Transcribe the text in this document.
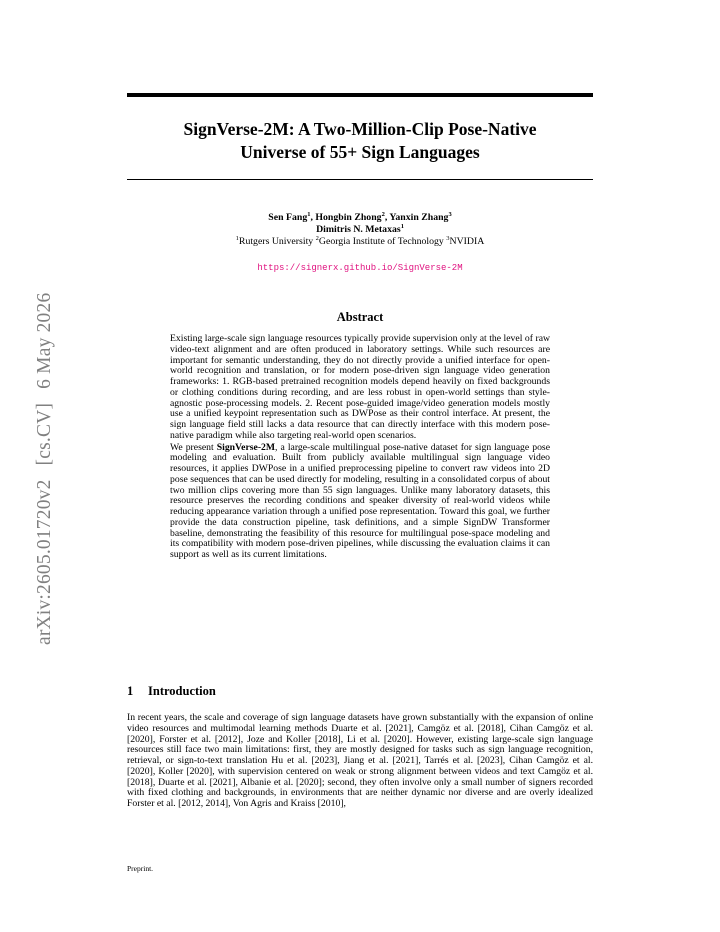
arXiv:2605.01720v2[cs.CV]6 May 2026
SignVerse-2M: A Two-Million-Clip Pose-Native
Universe of 55+ Sign Languages
Sen Fang$^1$, Hongbin Zhong$^2$, Yanxin Zhang$^3$
Dimitris N. Metaxas$^1$
$^1$Rutgers University $^2$Georgia Institute of Technology $^3$NVIDIA
https://signerx.github.io/SignVerse-2M
Abstract

Existing large-scale sign language resources typically provide supervision only at the level of raw video-text alignment and are often produced in laboratory settings. While such resources are important for semantic understanding, they do not directly provide a unified interface for open-world recognition and translation, or for modern pose-driven sign language video generation frameworks: 1. RGB-based pretrained recognition models depend heavily on fixed backgrounds or clothing conditions during recording, and are less robust in open-world settings than style-agnostic pose-processing models. 2. Recent pose-guided image/video generation models mostly use a unified keypoint representation such as DWPose as their control interface. At present, the sign language field still lacks a data resource that can directly interface with this modern pose-native paradigm while also targeting real-world open scenarios.

We present SignVerse-2M, a large-scale multilingual pose-native dataset for sign language pose modeling and evaluation. Built from publicly available multilingual sign language video resources, it applies DWPose in a unified preprocessing pipeline to convert raw videos into 2D pose sequences that can be used directly for modeling, resulting in a consolidated corpus of about two million clips covering more than 55 sign languages. Unlike many laboratory datasets, this resource preserves the recording conditions and speaker diversity of real-world videos while reducing appearance variation through a unified pose representation. Toward this goal, we further provide the data construction pipeline, task definitions, and a simple SignDW Transformer baseline, demonstrating the feasibility of this resource for multilingual pose-space modeling and its compatibility with modern pose-driven pipelines, while discussing the evaluation claims it can support as well as its current limitations.

1 Introduction

In recent years, the scale and coverage of sign language datasets have grown substantially with the expansion of online video resources and multimodal learning methods Duarte et al. [2021], Camgöz et al. [2018], Cihan Camgöz et al. [2020], Forster et al. [2012], Joze and Koller [2018], Li et al. [2020]. However, existing large-scale sign language resources still face two main limitations: first, they are mostly designed for tasks such as sign language recognition, retrieval, or sign-to-text translation Hu et al. [2023], Jiang et al. [2021], Tarrés et al. [2023], Cihan Camgöz et al. [2020], Koller [2020], with supervision centered on weak or strong alignment between videos and text Camgöz et al. [2018], Duarte et al. [2021], Albanie et al. [2020]; second, they often involve only a small number of signers recorded with fixed clothing and backgrounds, in environments that are neither dynamic nor diverse and are overly idealized Forster et al. [2012, 2014], Von Agris and Kraiss [2010],

Preprint.
